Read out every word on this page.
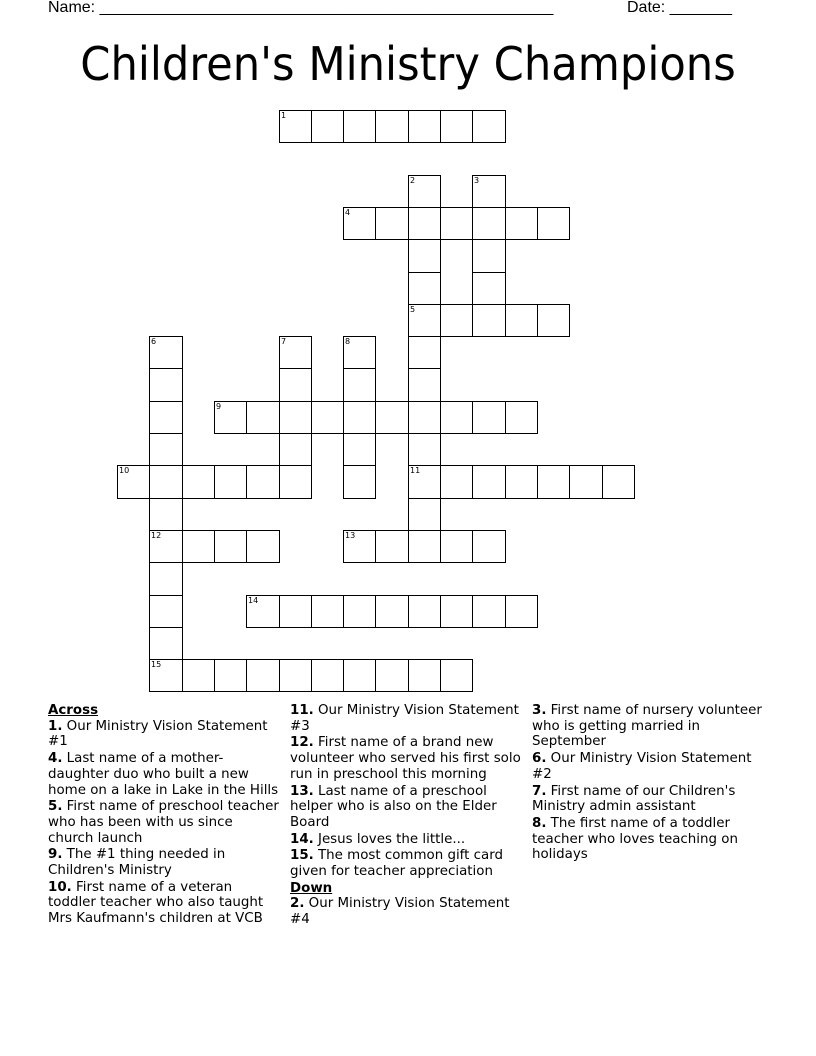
Name: ___________________________________________________	Date: _______
Children's Ministry Champions
1
2	3
4
5
6	7	8
9
10	11
12	13
14
15
Across
1. Our Ministry Vision Statement #1
4. Last name of a mother-daughter duo who built a new home on a lake in Lake in the Hills
5. First name of preschool teacher who has been with us since church launch
9. The #1 thing needed in Children's Ministry
10. First name of a veteran toddler teacher who also taught Mrs Kaufmann's children at VCB
11. Our Ministry Vision Statement #3
12. First name of a brand new volunteer who served his first solo run in preschool this morning
13. Last name of a preschool helper who is also on the Elder Board
14. Jesus loves the little...
15. The most common gift card given for teacher appreciation
Down
2. Our Ministry Vision Statement #4
3. First name of nursery volunteer who is getting married in September
6. Our Ministry Vision Statement #2
7. First name of our Children's Ministry admin assistant
8. The first name of a toddler teacher who loves teaching on holidays
